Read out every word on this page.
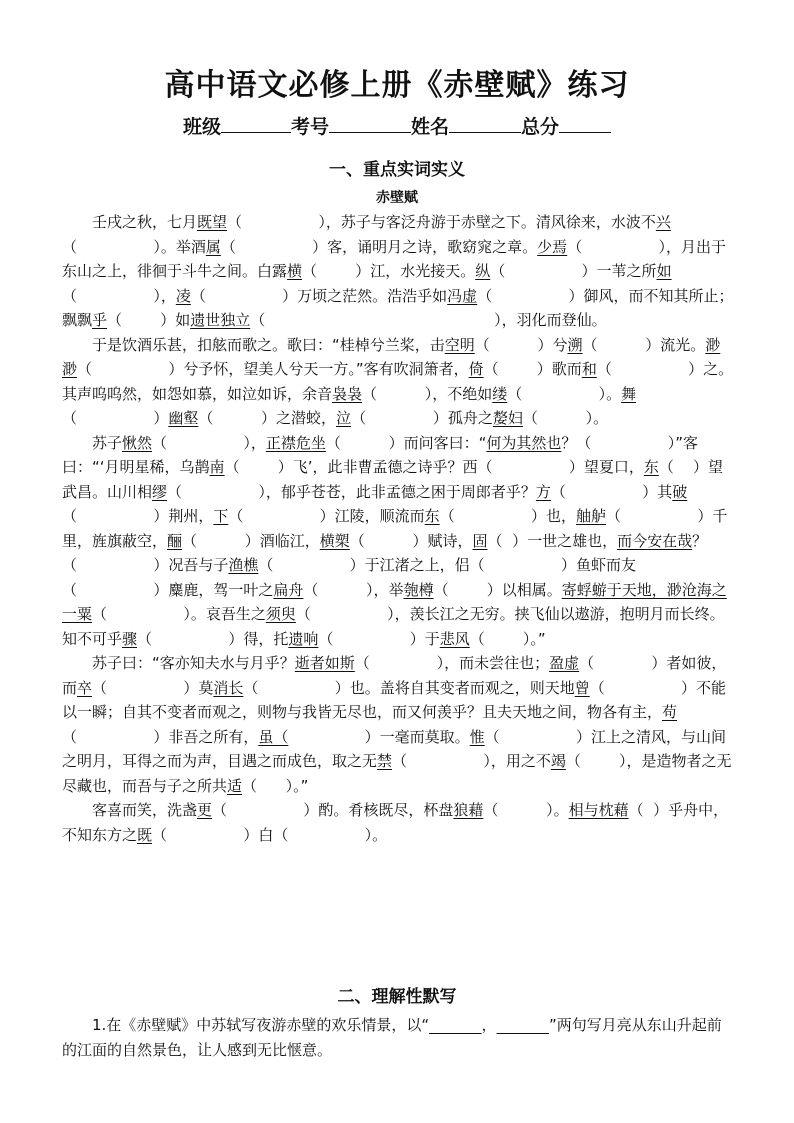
高中语文必修上册《赤壁赋》练习
班级	考号	姓名	总分
一、重点实词实义
赤壁赋

壬戌之秋，七月既望（	），苏子与客泛舟游于赤壁之下。清风徐来，水波不兴（	）。举酒属（	）客，诵明月之诗，歌窈窕之章。少焉（	），月出于东山之上，徘徊于斗牛之间。白露横（	）江，水光接天。纵（	）一苇之所如（	），凌（	）万顷之茫然。浩浩乎如冯虚（	）御风，而不知其所止；飘飘乎（	）如遗世独立（	），羽化而登仙。

于是饮酒乐甚，扣舷而歌之。歌曰：“桂棹兮兰桨，击空明（	）兮溯（	）流光。渺渺（	）兮予怀，望美人兮天一方。”客有吹洞箫者，倚（	）歌而和（	）之。其声呜呜然，如怨如慕，如泣如诉，余音袅袅（	），不绝如缕（	）。舞（	）幽壑（	）之潜蛟，泣（	）孤舟之嫠妇（	）。

苏子愀然（	），正襟危坐（	）而问客曰：“何为其然也？（	）”客曰：“‘月明星稀，乌鹊南（	）飞’，此非曹孟德之诗乎？西（	）望夏口，东（ ）望武昌。山川相缪（	），郁乎苍苍，此非孟德之困于周郎者乎？方（	）其破（	）荆州，下（	）江陵，顺流而东（	）也，舳舻（	）千里，旌旗蔽空，酾（	）酒临江，横槊（	）赋诗，固（ ）一世之雄也，而今安在哉？（	）况吾与子渔樵（	）于江渚之上，侣（	）鱼虾而友（	）麋鹿，驾一叶之扁舟（	），举匏樽（	）以相属。寄蜉蝣于天地，渺沧海之一粟（	）。哀吾生之须臾（	），羡长江之无穷。挟飞仙以遨游，抱明月而长终。知不可乎骤（	）得，托遗响（	）于悲风（	）。”

苏子曰：“客亦知夫水与月乎？逝者如斯（	），而未尝往也；盈虚（	）者如彼，而卒（	）莫消长（	）也。盖将自其变者而观之，则天地曾（	）不能以一瞬；自其不变者而观之，则物与我皆无尽也，而又何羡乎？且夫天地之间，物各有主，苟（	）非吾之所有，虽（	）一毫而莫取。惟（	）江上之清风，与山间之明月，耳得之而为声，目遇之而成色，取之无禁（	），用之不竭（	），是造物者之无尽藏也，而吾与子之所共适（ ）。”

客喜而笑，洗盏更（	）酌。肴核既尽，杯盘狼藉（	）。相与枕藉（ ）乎舟中，不知东方之既（	）白（	）。

二、理解性默写

1.在《赤壁赋》中苏轼写夜游赤壁的欢乐情景，以“	，	”两句写月亮从东山升起前的江面的自然景色，让人感到无比惬意。
